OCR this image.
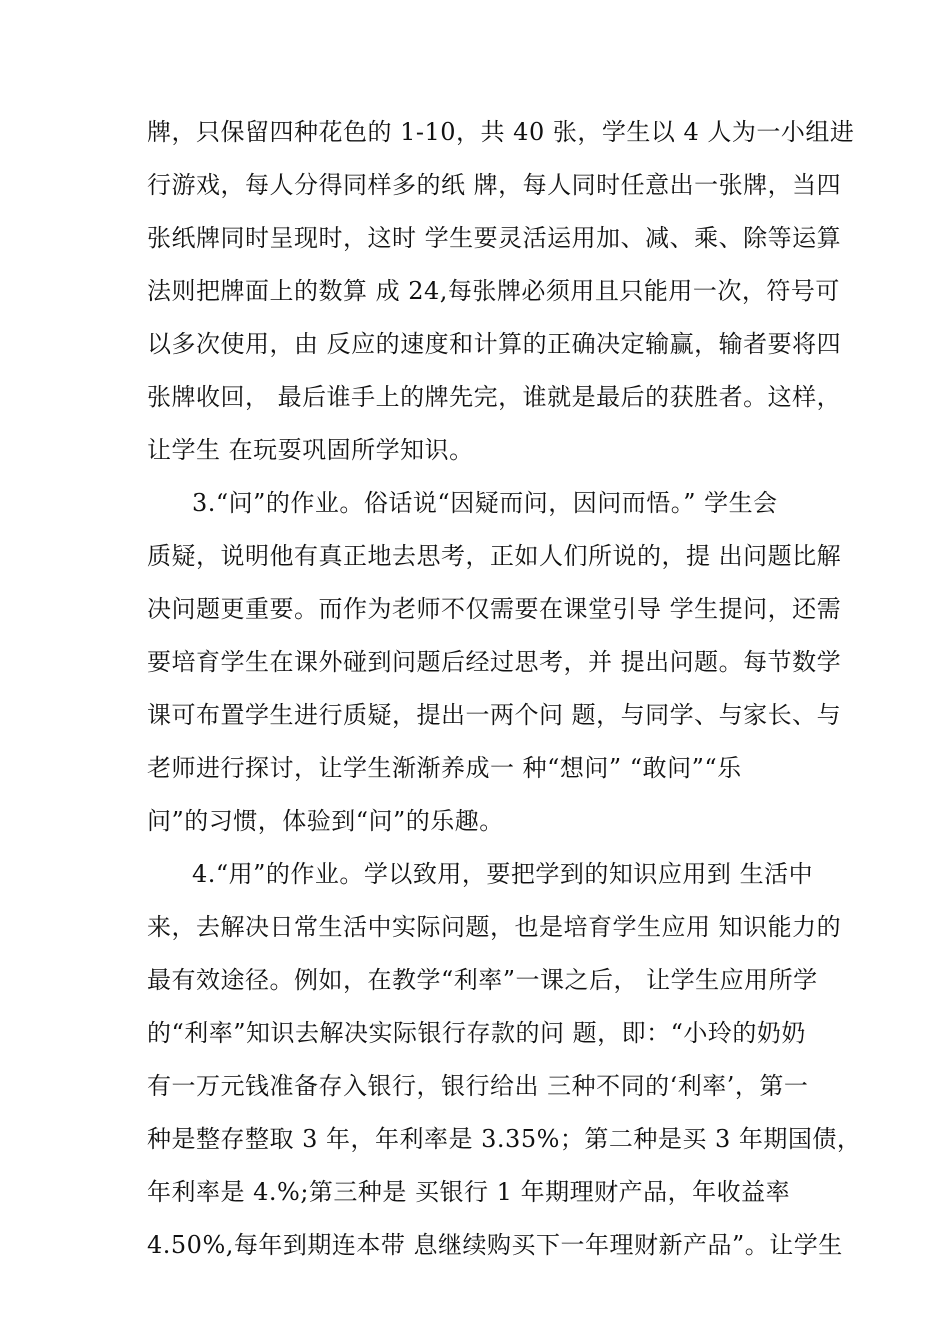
牌，只保留四种花色的 1-10，共 40 张，学生以 4 人为一小组进
行游戏，每人分得同样多的纸 牌，每人同时任意出一张牌，当四
张纸牌同时呈现时，这时 学生要灵活运用加、减、乘、除等运算
法则把牌面上的数算 成 24,每张牌必须用且只能用一次，符号可
以多次使用，由 反应的速度和计算的正确决定输赢，输者要将四
张牌收回， 最后谁手上的牌先完，谁就是最后的获胜者。这样，
让学生 在玩耍巩固所学知识。
3.“问”的作业。俗话说“因疑而问，因问而悟。” 学生会
质疑，说明他有真正地去思考，正如人们所说的，提 出问题比解
决问题更重要。而作为老师不仅需要在课堂引导 学生提问，还需
要培育学生在课外碰到问题后经过思考，并 提出问题。每节数学
课可布置学生进行质疑，提出一两个问 题，与同学、与家长、与
老师进行探讨，让学生渐渐养成一 种“想问” “敢问”“乐
问”的习惯，体验到“问”的乐趣。
4.“用”的作业。学以致用，要把学到的知识应用到 生活中
来，去解决日常生活中实际问题，也是培育学生应用 知识能力的
最有效途径。例如，在教学“利率”一课之后， 让学生应用所学
的“利率”知识去解决实际银行存款的问 题，即：“小玲的奶奶
有一万元钱准备存入银行，银行给出 三种不同的‘利率’，第一
种是整存整取 3 年，年利率是 3.35%；第二种是买 3 年期国债，
年利率是 4.%;第三种是 买银行 1 年期理财产品，年收益率
4.50%,每年到期连本带 息继续购买下一年理财新产品”。让学生
